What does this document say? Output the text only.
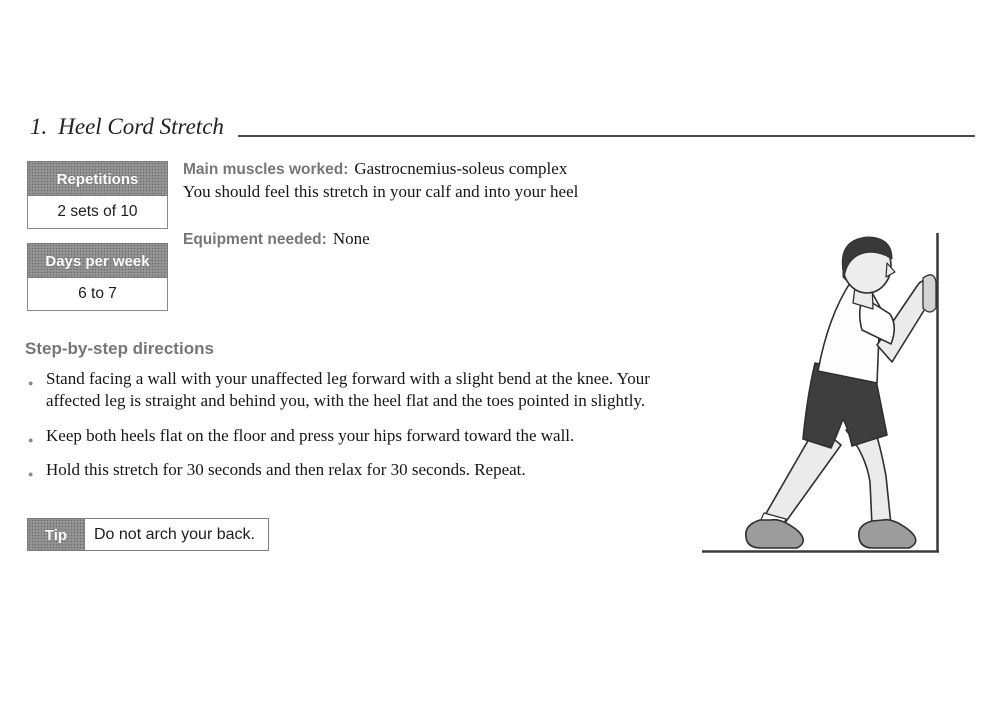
1. Heel Cord Stretch
Repetitions
2 sets of 10
Days per week
6 to 7
Main muscles worked: Gastrocnemius-soleus complex
You should feel this stretch in your calf and into your heel
Equipment needed: None
Step-by-step directions
● Stand facing a wall with your unaffected leg forward with a slight bend at the knee. Your affected leg is straight and behind you, with the heel flat and the toes pointed in slightly.
● Keep both heels flat on the floor and press your hips forward toward the wall.
● Hold this stretch for 30 seconds and then relax for 30 seconds. Repeat.
Tip	Do not arch your back.
